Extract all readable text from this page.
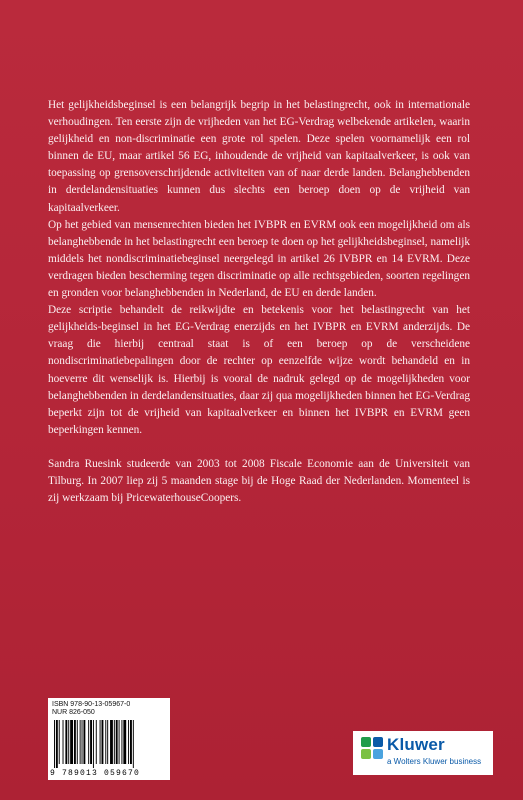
Het gelijkheidsbeginsel is een belangrijk begrip in het belastingrecht, ook in internationale verhoudingen. Ten eerste zijn de vrijheden van het EG-Verdrag welbekende artikelen, waarin gelijkheid en non-discriminatie een grote rol spelen. Deze spelen voornamelijk een rol binnen de EU, maar artikel 56 EG, inhoudende de vrijheid van kapitaalverkeer, is ook van toepassing op grensoverschrijdende activiteiten van of naar derde landen. Belanghebbenden in derdelandensituaties kunnen dus slechts een beroep doen op de vrijheid van kapitaalverkeer.

Op het gebied van mensenrechten bieden het IVBPR en EVRM ook een mogelijkheid om als belanghebbende in het belastingrecht een beroep te doen op het gelijkheidsbeginsel, namelijk middels het nondiscriminatiebeginsel neergelegd in artikel 26 IVBPR en 14 EVRM. Deze verdragen bieden bescherming tegen discriminatie op alle rechtsgebieden, soorten regelingen en gronden voor belanghebbenden in Nederland, de EU en derde landen.

Deze scriptie behandelt de reikwijdte en betekenis voor het belastingrecht van het gelijkheids-beginsel in het EG-Verdrag enerzijds en het IVBPR en EVRM anderzijds. De vraag die hierbij centraal staat is of een beroep op de verscheidene nondiscriminatiebepalingen door de rechter op eenzelfde wijze wordt behandeld en in hoeverre dit wenselijk is. Hierbij is vooral de nadruk gelegd op de mogelijkheden voor belanghebbenden in derdelandensituaties, daar zij qua mogelijkheden binnen het EG-Verdrag beperkt zijn tot de vrijheid van kapitaalverkeer en binnen het IVBPR en EVRM geen beperkingen kennen.

Sandra Ruesink studeerde van 2003 tot 2008 Fiscale Economie aan de Universiteit van Tilburg. In 2007 liep zij 5 maanden stage bij de Hoge Raad der Nederlanden. Momenteel is zij werkzaam bij PricewaterhouseCoopers.

ISBN 978-90-13-05967-0
NUR 826-050
9 789013 059670
Kluwer
a Wolters Kluwer business
